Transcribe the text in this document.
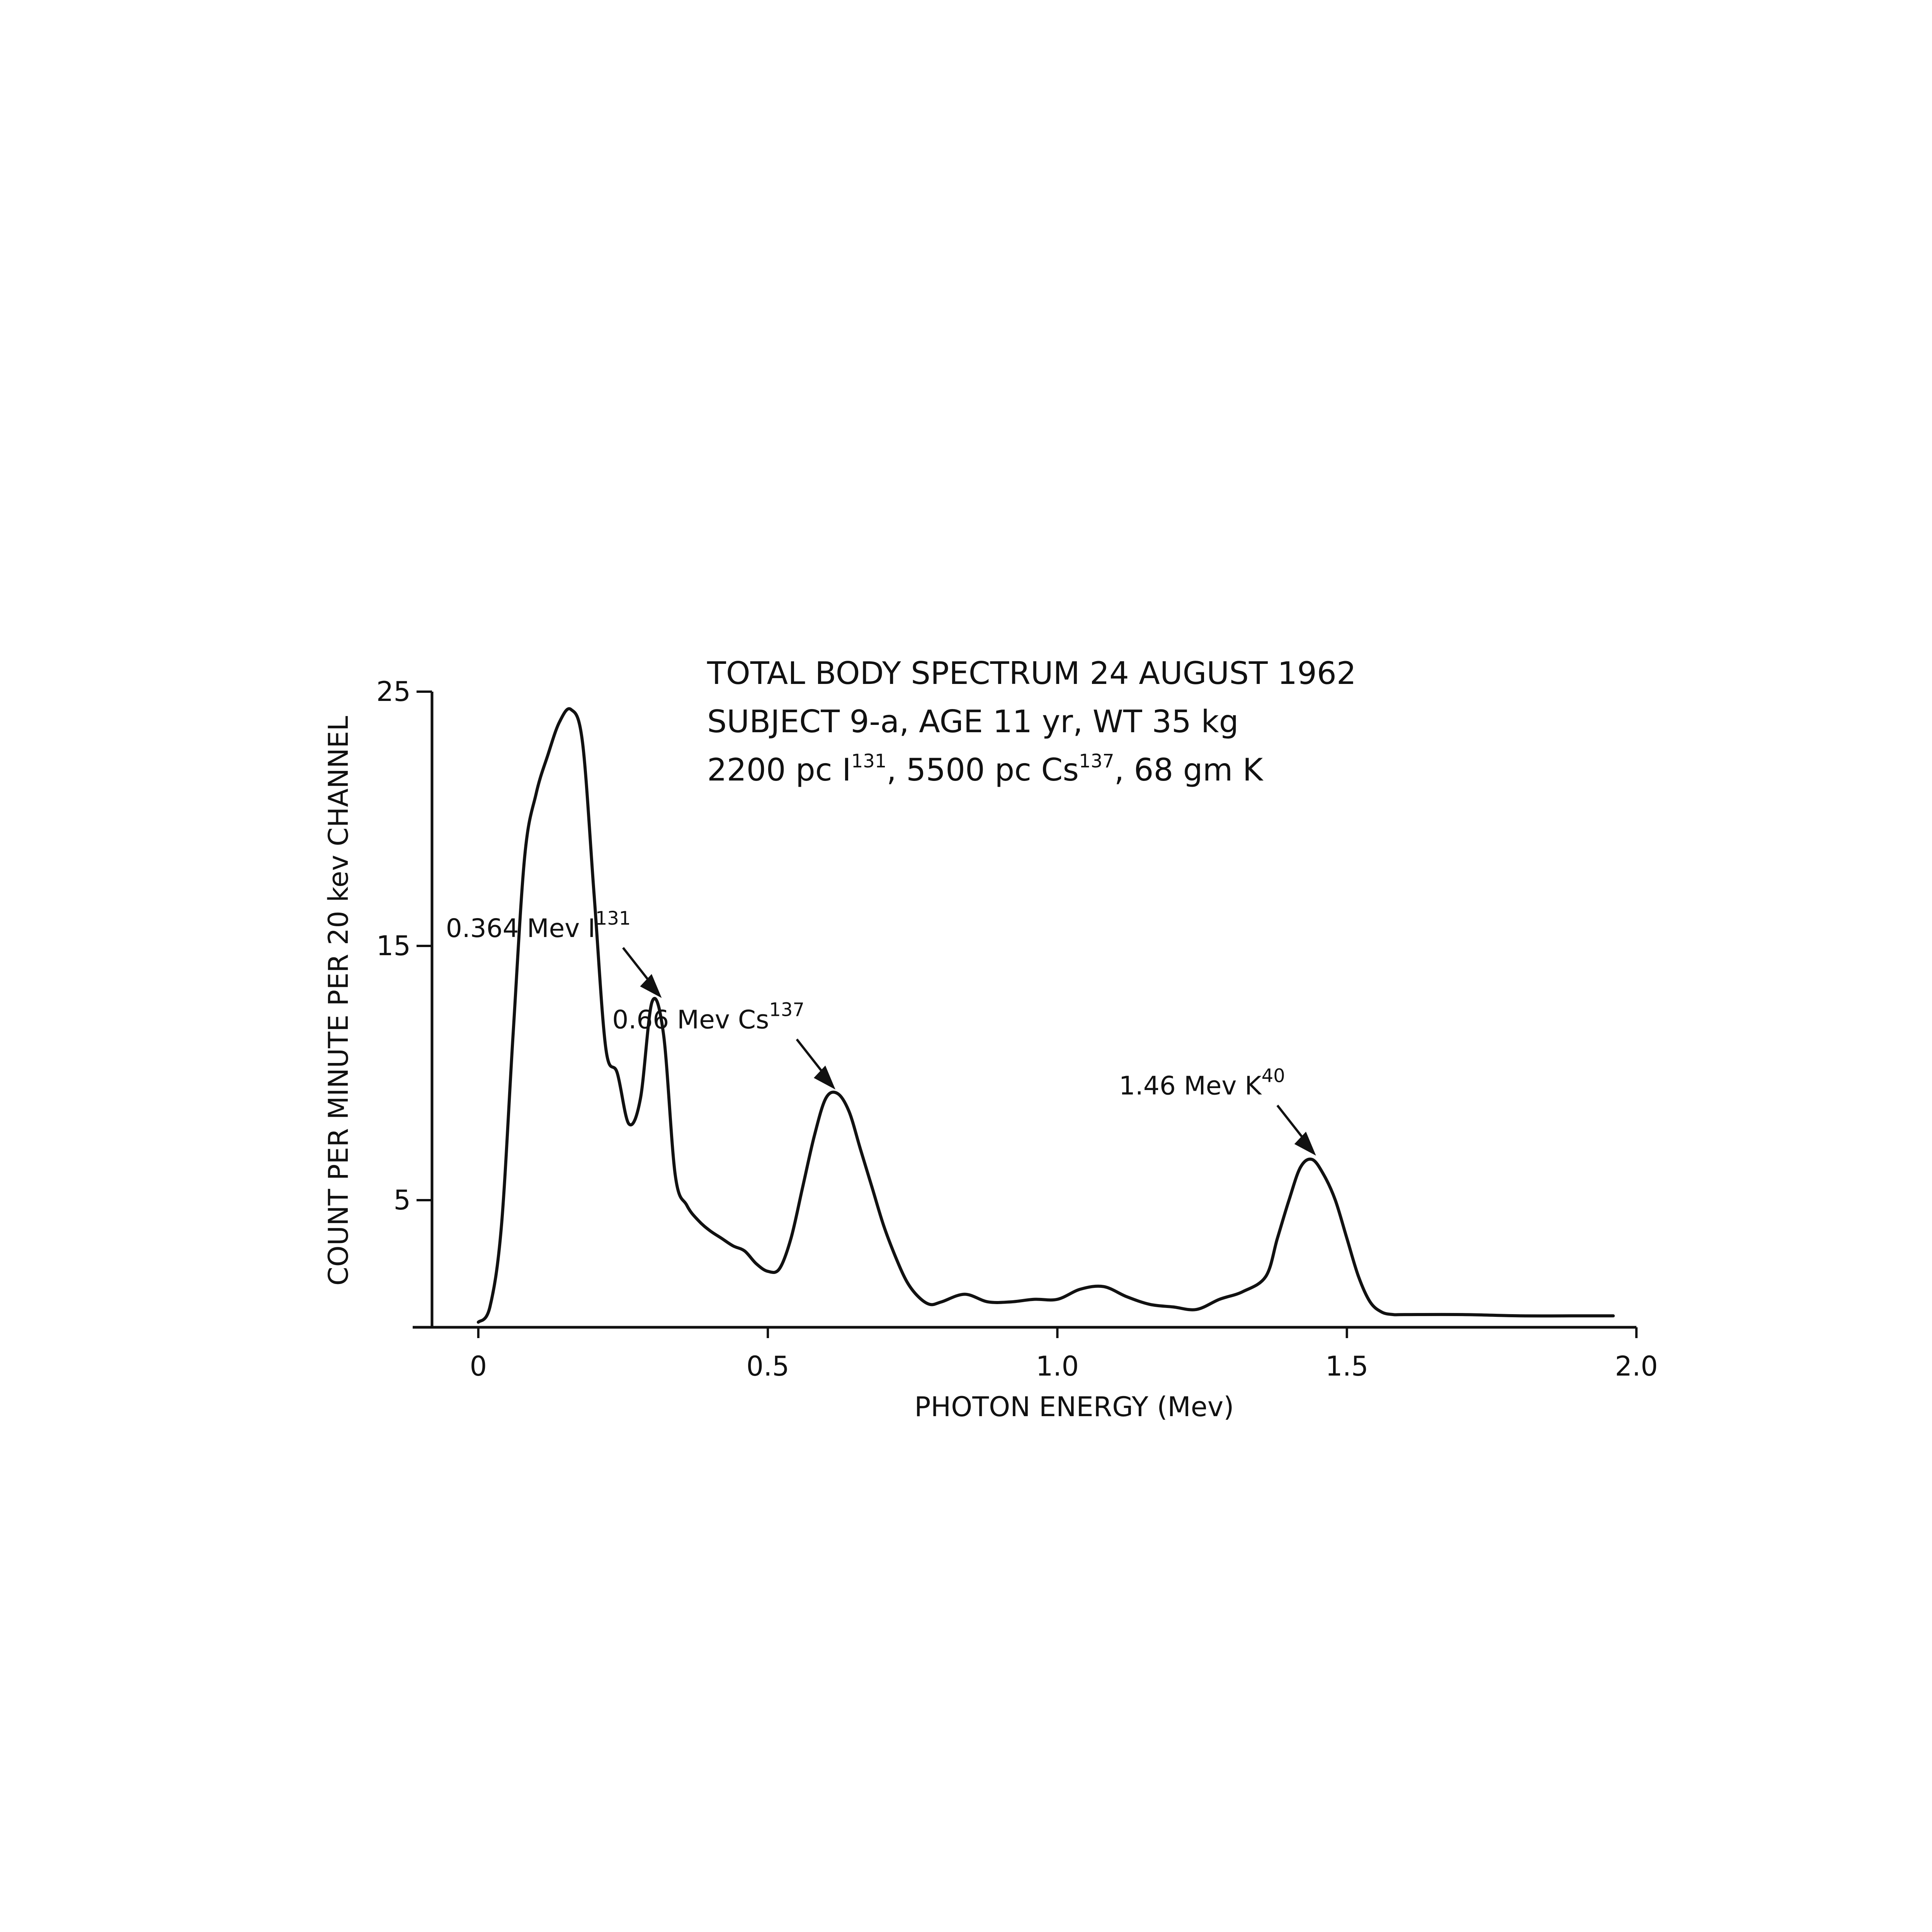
TOTAL BODY SPECTRUM 24 AUGUST 1962
SUBJECT 9-a, AGE 11 yr, WT 35 kg
2200 pc $I^{131}$, 5500 pc Cs$^{137}$, 68 gm K
0	0.5	1.0	1.5	2.0
5
15
25
PHOTON ENERGY (Mev)
COUNT PER MINUTE PER 20 kev CHANNEL	0.364 Mev $I^{131}$
0.66 Mev Cs$^{137}$
1.46 Mev $K^{40}$
